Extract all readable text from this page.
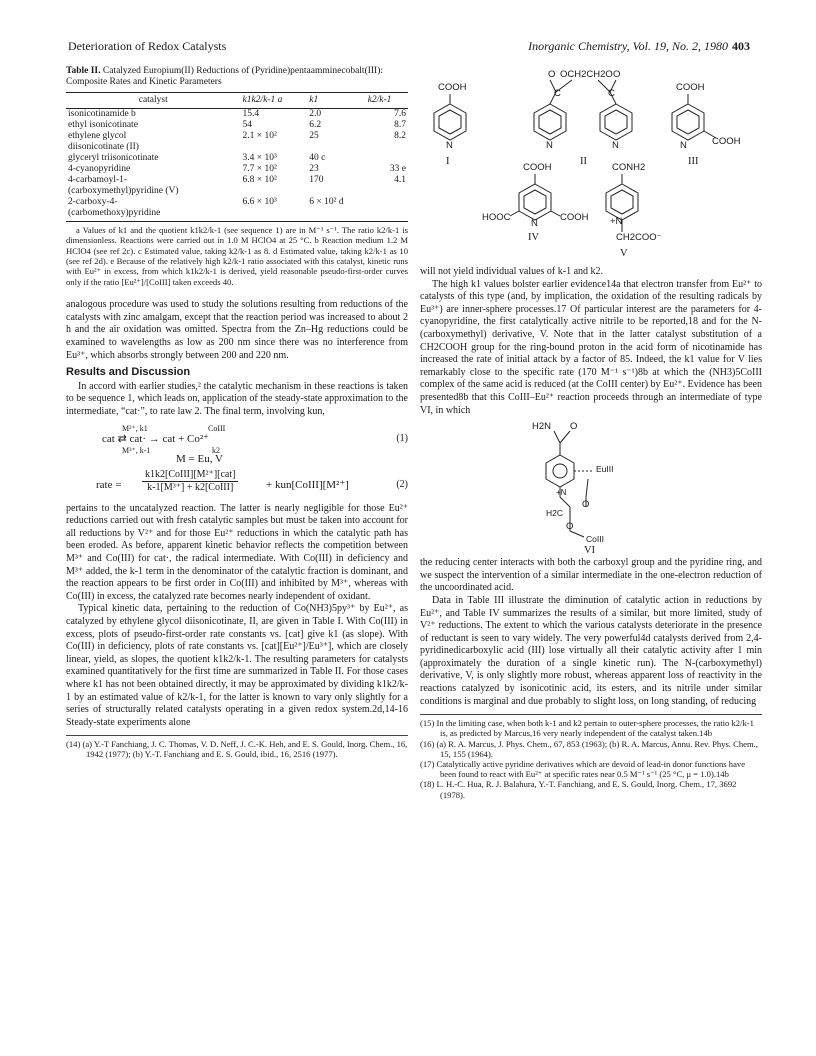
Deterioration of Redox Catalysts	Inorganic Chemistry, Vol. 19, No. 2, 1980 403
Table II. Catalyzed Europium(II) Reductions of (Pyridine)pentaamminecobalt(III): Composite Rates and Kinetic Parameters
catalyst	k1k2/k-1 a	k1	k2/k-1
isonicotinamide b	15.4	2.0	7.6
ethyl isonicotinate	54	6.2	8.7
ethylene glycol	2.1 × 10²	25	8.2
diisonicotinate (II)			
glyceryl triisonicotinate	3.4 × 10³	40 c	
4-cyanopyridine	7.7 × 10²	23	33 e
4-carbamoyl-1-	6.8 × 10²	170	4.1
(carboxymethyl)pyridine (V)			
2-carboxy-4-	6.6 × 10³	6 × 10² d	
(carbomethoxy)pyridine			
a Values of k1 and the quotient k1k2/k-1 (see sequence 1) are in M⁻¹ s⁻¹. The ratio k2/k-1 is dimensionless. Reactions were carried out in 1.0 M HClO4 at 25 °C. b Reaction medium 1.2 M HClO4 (see ref 2c). c Estimated value, taking k2/k-1 as 8. d Estimated value, taking k2/k-1 as 10 (see ref 2d). e Because of the relatively high k2/k-1 ratio associated with this catalyst, kinetic runs with Eu²⁺ in excess, from which k1k2/k-1 is derived, yield reasonable pseudo-first-order curves only if the ratio [Eu²⁺]/[CoIII] taken exceeds 40.

analogous procedure was used to study the solutions resulting from reductions of the catalysts with zinc amalgam, except that the reaction period was increased to about 2 h and the air oxidation was omitted. Spectra from the Zn–Hg reductions could be examined to wavelengths as low as 200 nm since there was no interference from Eu³⁺, which absorbs strongly between 200 and 220 nm.

Results and Discussion

In accord with earlier studies,² the catalytic mechanism in these reactions is taken to be sequence 1, which leads on, application of the steady-state approximation to the intermediate, “cat·”, to rate law 2. The final term, involving kun,

M²⁺, k1	CoIII
cat ⇄ cat· → cat + Co²⁺
M³⁺, k-1	k2
(1)
M = Eu, V
rate =
k1k2[CoIII][M²⁺][cat]
k-1[M³⁺] + k2[CoIII]	+ kun[CoIII][M²⁺]	(2)

pertains to the uncatalyzed reaction. The latter is nearly negligible for those Eu²⁺ reductions carried out with fresh catalytic samples but must be taken into account for all reductions by V²⁺ and for those Eu²⁺ reductions in which the catalytic path has been eroded. As before, apparent kinetic behavior reflects the competition between M³⁺ and Co(III) for cat·, the radical intermediate. With Co(III) in deficiency and M³⁺ added, the k-1 term in the denominator of the catalytic fraction is dominant, and the reaction appears to be first order in Co(III) and inhibited by M³⁺, whereas with Co(III) in excess, the catalyzed rate becomes nearly independent of oxidant.

Typical kinetic data, pertaining to the reduction of Co(NH3)5py³⁺ by Eu²⁺, as catalyzed by ethylene glycol diisonicotinate, II, are given in Table I. With Co(III) in excess, plots of pseudo-first-order rate constants vs. [cat] give k1 (as slope). With Co(III) in deficiency, plots of rate constants vs. [cat][Eu²⁺]/Eu³⁺], which are closely linear, yield, as slopes, the quotient k1k2/k-1. The resulting parameters for catalysts examined quantitatively for the first time are summarized in Table II. For those cases where k1 has not been obtained directly, it may be approximated by dividing k1k2/k-1 by an estimated value of k2/k-1, for the latter is known to vary only slightly for a series of structurally related catalysts operating in a given redox system.2d,14-16 Steady-state experiments alone

(14) (a) Y.-T Fanchiang, J. C. Thomas, V. D. Neff, J. C.-K. Heh, and E. S. Gould, Inorg. Chem., 16, 1942 (1977); (b) Y.-T. Fanchiang and E. S. Gould, ibid., 16, 2516 (1977).
COOH
N
I
O OCH2CH2O O
C	C
N	N
II
COOH
N	COOH
III
COOH
HOOC
N
COOH
IV
CONH2
+N
CH2COO⁻
V

will not yield individual values of k-1 and k2.

The high k1 values bolster earlier evidence14a that electron transfer from Eu²⁺ to catalysts of this type (and, by implication, the oxidation of the resulting radicals by Eu³⁺) are inner-sphere processes.17 Of particular interest are the parameters for 4-cyanopyridine, the first catalytically active nitrile to be reported,18 and for the N-(carboxymethyl) derivative, V. Note that in the latter catalyst substitution of a CH2COOH group for the ring-bound proton in the acid form of nicotinamide has increased the rate of initial attack by a factor of 85. Indeed, the k1 value for V lies remarkably close to the specific rate (170 M⁻¹ s⁻¹)8b at which the (NH3)5CoIII complex of the same acid is reduced (at the CoIII center) by Eu²⁺. Evidence has been presented8b that this CoIII–Eu²⁺ reaction proceeds through an intermediate of type VI, in which

H2N O
EuIII
+N
O
H2C
O
CoIII
VI

the reducing center interacts with both the carboxyl group and the pyridine ring, and we suspect the intervention of a similar intermediate in the one-electron reduction of the uncoordinated acid.

Data in Table III illustrate the diminution of catalytic action in reductions by Eu²⁺, and Table IV summarizes the results of a similar, but more limited, study of V²⁺ reductions. The extent to which the various catalysts deteriorate in the presence of reductant is seen to vary widely. The very powerful4d catalysts derived from 2,4-pyridinedicarboxylic acid (III) lose virtually all their catalytic activity after 1 min (approximately the duration of a single kinetic run). The N-(carboxymethyl) derivative, V, is only slightly more robust, whereas apparent loss of reactivity in the reactions catalyzed by isonicotinic acid, its esters, and its nitrile under similar conditions is marginal and due probably to slight loss, on long standing, of reducing

(15) In the limiting case, when both k-1 and k2 pertain to outer-sphere processes, the ratio k2/k-1 is, as predicted by Marcus,16 very nearly independent of the catalyst taken.14b
(16) (a) R. A. Marcus, J. Phys. Chem., 67, 853 (1963); (b) R. A. Marcus, Annu. Rev. Phys. Chem., 15, 155 (1964).
(17) Catalytically active pyridine derivatives which are devoid of lead-in donor functions have been found to react with Eu²⁺ at specific rates near 0.5 M⁻¹ s⁻¹ (25 °C, μ = 1.0).14b
(18) L. H.-C. Hua, R. J. Balahura, Y.-T. Fanchiang, and E. S. Gould, Inorg. Chem., 17, 3692 (1978).
